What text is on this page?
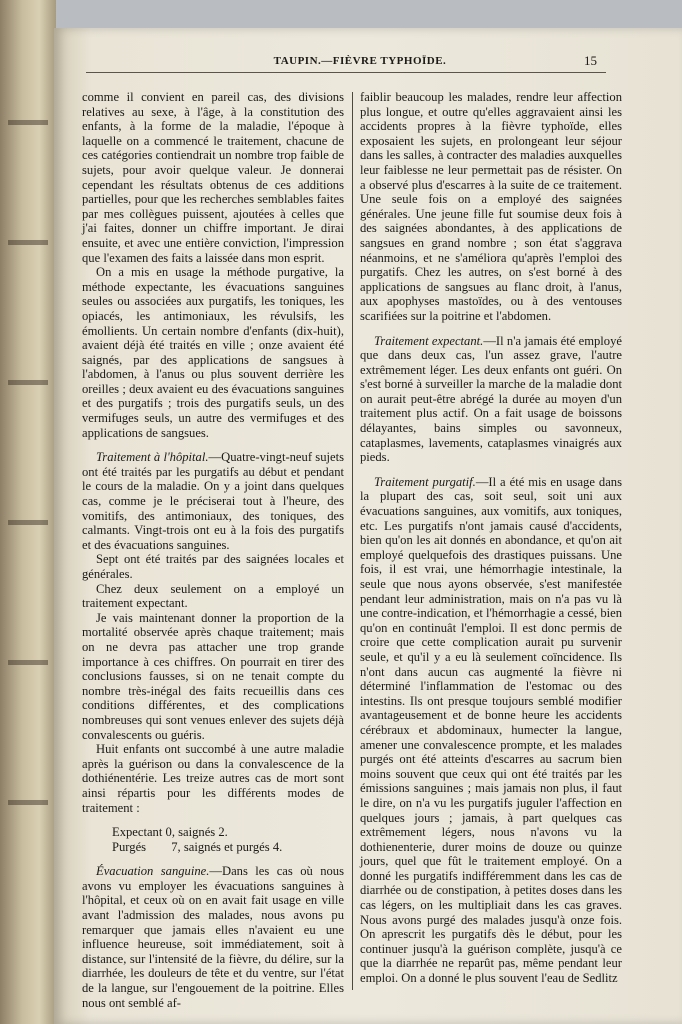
TAUPIN.—FIÈVRE TYPHOÏDE.	15

comme il convient en pareil cas, des divisions relatives au sexe, à l'âge, à la constitution des enfants, à la forme de la maladie, l'époque à laquelle on a commencé le traitement, chacune de ces catégories contiendrait un nombre trop faible de sujets, pour avoir quelque valeur. Je donnerai cependant les résultats obtenus de ces additions partielles, pour que les recherches semblables faites par mes collègues puissent, ajoutées à celles que j'ai faites, donner un chiffre important. Je dirai ensuite, et avec une entière conviction, l'impression que l'examen des faits a laissée dans mon esprit.

On a mis en usage la méthode purgative, la méthode expectante, les évacuations sanguines seules ou associées aux purgatifs, les toniques, les opiacés, les antimoniaux, les révulsifs, les émollients. Un certain nombre d'enfants (dix-huit), avaient déjà été traités en ville ; onze avaient été saignés, par des applications de sangsues à l'abdomen, à l'anus ou plus souvent derrière les oreilles ; deux avaient eu des évacuations sanguines et des purgatifs ; trois des purgatifs seuls, un des vermifuges seuls, un autre des vermifuges et des applications de sangsues.

Traitement à l'hôpital.—Quatre-vingt-neuf sujets ont été traités par les purgatifs au début et pendant le cours de la maladie. On y a joint dans quelques cas, comme je le préciserai tout à l'heure, des vomitifs, des antimoniaux, des toniques, des calmants. Vingt-trois ont eu à la fois des purgatifs et des évacuations sanguines.

Sept ont été traités par des saignées locales et générales.

Chez deux seulement on a employé un traitement expectant.

Je vais maintenant donner la proportion de la mortalité observée après chaque traitement; mais on ne devra pas attacher une trop grande importance à ces chiffres. On pourrait en tirer des conclusions fausses, si on ne tenait compte du nombre très-inégal des faits recueillis dans ces conditions différentes, et des complications nombreuses qui sont venues enlever des sujets déjà convalescents ou guéris.

Huit enfants ont succombé à une autre maladie après la guérison ou dans la convalescence de la dothiénentérie. Les treize autres cas de mort sont ainsi répartis pour les différents modes de traitement :

Expectant 0, saignés 2.
Purgés 7, saignés et purgés 4.

Évacuation sanguine.—Dans les cas où nous avons vu employer les évacuations sanguines à l'hôpital, et ceux où on en avait fait usage en ville avant l'admission des malades, nous avons pu remarquer que jamais elles n'avaient eu une influence heureuse, soit immédiatement, soit à distance, sur l'intensité de la fièvre, du délire, sur la diarrhée, les douleurs de tête et du ventre, sur l'état de la langue, sur l'engouement de la poitrine. Elles nous ont semblé af-

faiblir beaucoup les malades, rendre leur affection plus longue, et outre qu'elles aggravaient ainsi les accidents propres à la fièvre typhoïde, elles exposaient les sujets, en prolongeant leur séjour dans les salles, à contracter des maladies auxquelles leur faiblesse ne leur permettait pas de résister. On a observé plus d'escarres à la suite de ce traitement. Une seule fois on a employé des saignées générales. Une jeune fille fut soumise deux fois à des saignées abondantes, à des applications de sangsues en grand nombre ; son état s'aggrava néanmoins, et ne s'améliora qu'après l'emploi des purgatifs. Chez les autres, on s'est borné à des applications de sangsues au flanc droit, à l'anus, aux apophyses mastoïdes, ou à des ventouses scarifiées sur la poitrine et l'abdomen.

Traitement expectant.—Il n'a jamais été employé que dans deux cas, l'un assez grave, l'autre extrêmement léger. Les deux enfants ont guéri. On s'est borné à surveiller la marche de la maladie dont on aurait peut-être abrégé la durée au moyen d'un traitement plus actif. On a fait usage de boissons délayantes, bains simples ou savonneux, cataplasmes, lavements, cataplasmes vinaigrés aux pieds.

Traitement purgatif.—Il a été mis en usage dans la plupart des cas, soit seul, soit uni aux évacuations sanguines, aux vomitifs, aux toniques, etc. Les purgatifs n'ont jamais causé d'accidents, bien qu'on les ait donnés en abondance, et qu'on ait employé quelquefois des drastiques puissans. Une fois, il est vrai, une hémorrhagie intestinale, la seule que nous ayons observée, s'est manifestée pendant leur administration, mais on n'a pas vu là une contre-indication, et l'hémorrhagie a cessé, bien qu'on en continuât l'emploi. Il est donc permis de croire que cette complication aurait pu survenir seule, et qu'il y a eu là seulement coïncidence. Ils n'ont dans aucun cas augmenté la fièvre ni déterminé l'inflammation de l'estomac ou des intestins. Ils ont presque toujours semblé modifier avantageusement et de bonne heure les accidents cérébraux et abdominaux, humecter la langue, amener une convalescence prompte, et les malades purgés ont été atteints d'escarres au sacrum bien moins souvent que ceux qui ont été traités par les émissions sanguines ; mais jamais non plus, il faut le dire, on n'a vu les purgatifs juguler l'affection en quelques jours ; jamais, à part quelques cas extrêmement légers, nous n'avons vu la dothienenterie, durer moins de douze ou quinze jours, quel que fût le traitement employé. On a donné les purgatifs indifféremment dans les cas de diarrhée ou de constipation, à petites doses dans les cas légers, on les multipliait dans les cas graves. Nous avons purgé des malades jusqu'à onze fois. On aprescrit les purgatifs dès le début, pour les continuer jusqu'à la guérison complète, jusqu'à ce que la diarrhée ne reparût pas, même pendant leur emploi. On a donné le plus souvent l'eau de Sedlitz
